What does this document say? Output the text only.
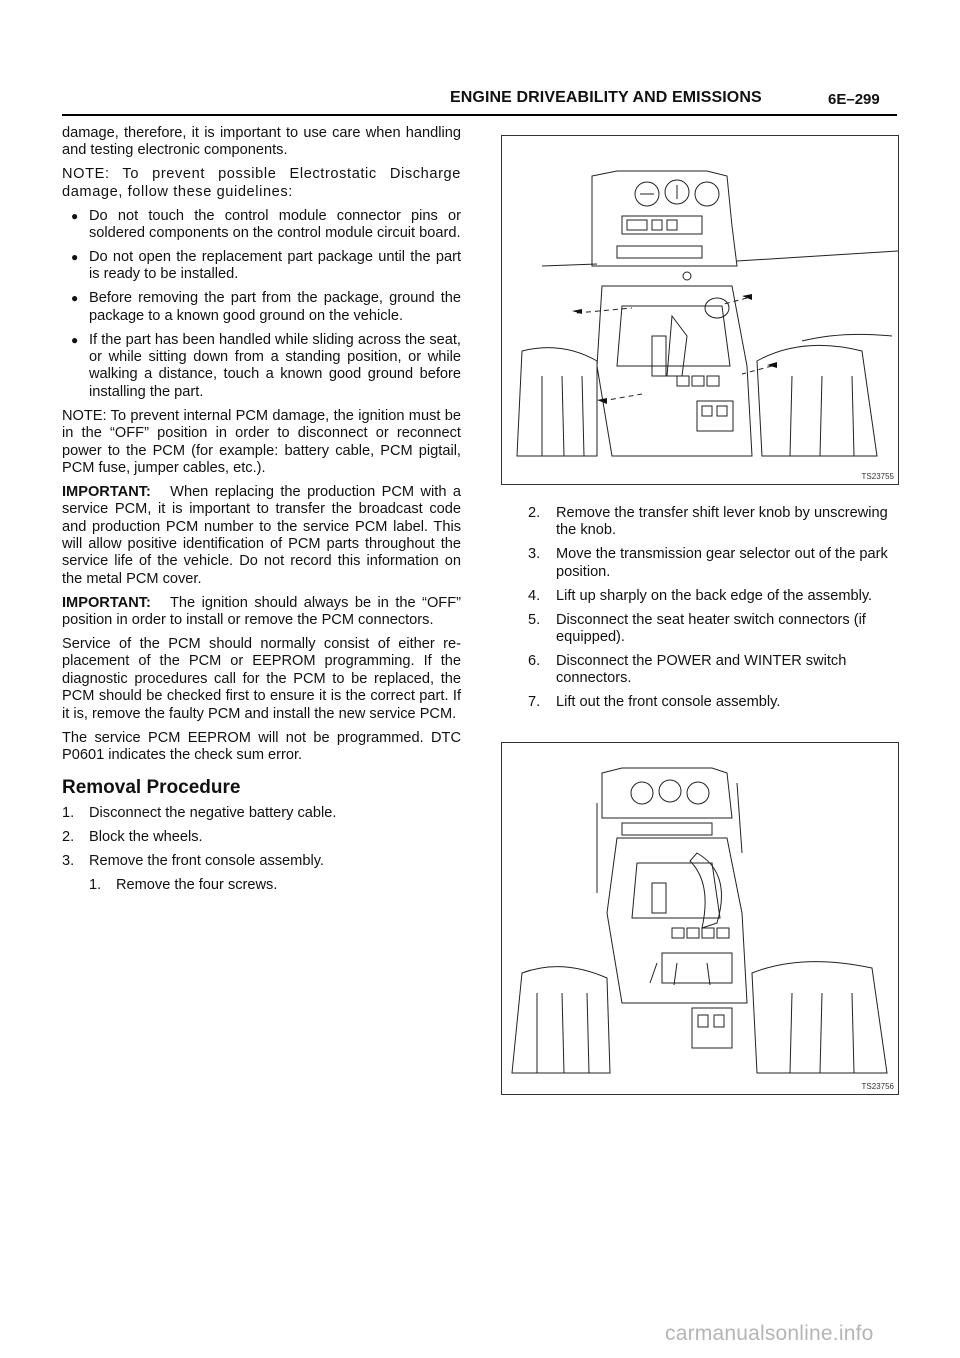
ENGINE DRIVEABILITY AND EMISSIONS	6E–299

damage, therefore, it is important to use care when handling and testing electronic components.

NOTE: To prevent possible Electrostatic Discharge damage, follow these guidelines:

● Do not touch the control module connector pins or soldered components on the control module circuit board.
● Do not open the replacement part package until the part is ready to be installed.
● Before removing the part from the package, ground the package to a known good ground on the vehicle.
● If the part has been handled while sliding across the seat, or while sitting down from a standing position, or while walking a distance, touch a known good ground before installing the part.

NOTE: To prevent internal PCM damage, the ignition must be in the “OFF” position in order to disconnect or reconnect power to the PCM (for example: battery cable, PCM pigtail, PCM fuse, jumper cables, etc.).

IMPORTANT: When replacing the production PCM with a service PCM, it is important to transfer the broadcast code and production PCM number to the service PCM label. This will allow positive identification of PCM parts throughout the service life of the vehicle. Do not record this information on the metal PCM cover.

IMPORTANT: The ignition should always be in the “OFF” position in order to install or remove the PCM connectors.

Service of the PCM should normally consist of either re-placement of the PCM or EEPROM programming. If the diagnostic procedures call for the PCM to be replaced, the PCM should be checked first to ensure it is the correct part. If it is, remove the faulty PCM and install the new service PCM.

The service PCM EEPROM will not be programmed. DTC P0601 indicates the check sum error.

Removal Procedure
1.	Disconnect the negative battery cable.
2.	Block the wheels.
3.	Remove the front console assembly.
1.	Remove the four screws.
TS23755
2.	Remove the transfer shift lever knob by unscrewing the knob.
3.	Move the transmission gear selector out of the park position.
4.	Lift up sharply on the back edge of the assembly.
5.	Disconnect the seat heater switch connectors (if equipped).
6.	Disconnect the POWER and WINTER switch connectors.
7.	Lift out the front console assembly.
TS23756
carmanualsonline.info
